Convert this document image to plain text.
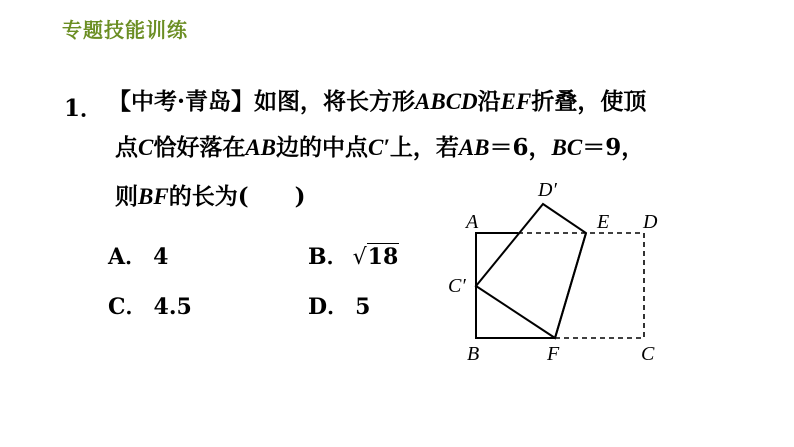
专题技能训练
1． 【中考·青岛】如图，将长方形ABCD沿EF折叠，使顶
点C恰好落在AB边的中点C′上，若AB＝6，BC＝9，
则BF的长为(　　)
A． 4	B． √18
C． 4.5	D． 5
D′
A	E D
C′
B	F	C
